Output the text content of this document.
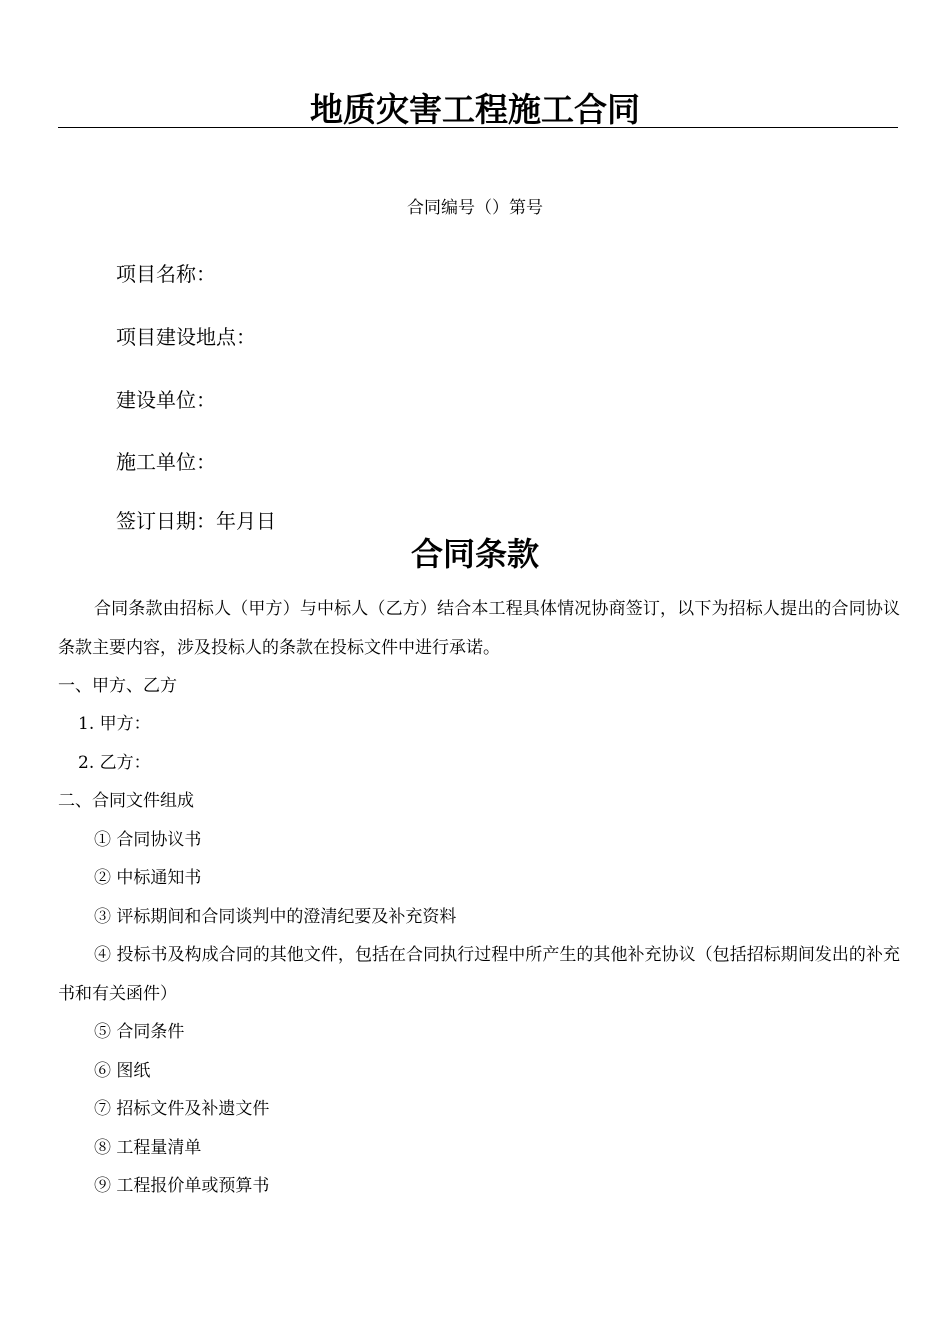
地质灾害工程施工合同
合同编号（）第号
项目名称：
项目建设地点：
建设单位：
施工单位：
签订日期：年月日
合同条款
合同条款由招标人（甲方）与中标人（乙方）结合本工程具体情况协商签订，以下为招标人提出的合同协议条款主要内容，涉及投标人的条款在投标文件中进行承诺。
一、甲方、乙方
1. 甲方：
2. 乙方：
二、合同文件组成
① 合同协议书
② 中标通知书
③ 评标期间和合同谈判中的澄清纪要及补充资料
④ 投标书及构成合同的其他文件，包括在合同执行过程中所产生的其他补充协议（包括招标期间发出的补充书和有关函件）
⑤ 合同条件
⑥ 图纸
⑦ 招标文件及补遗文件
⑧ 工程量清单
⑨ 工程报价单或预算书
